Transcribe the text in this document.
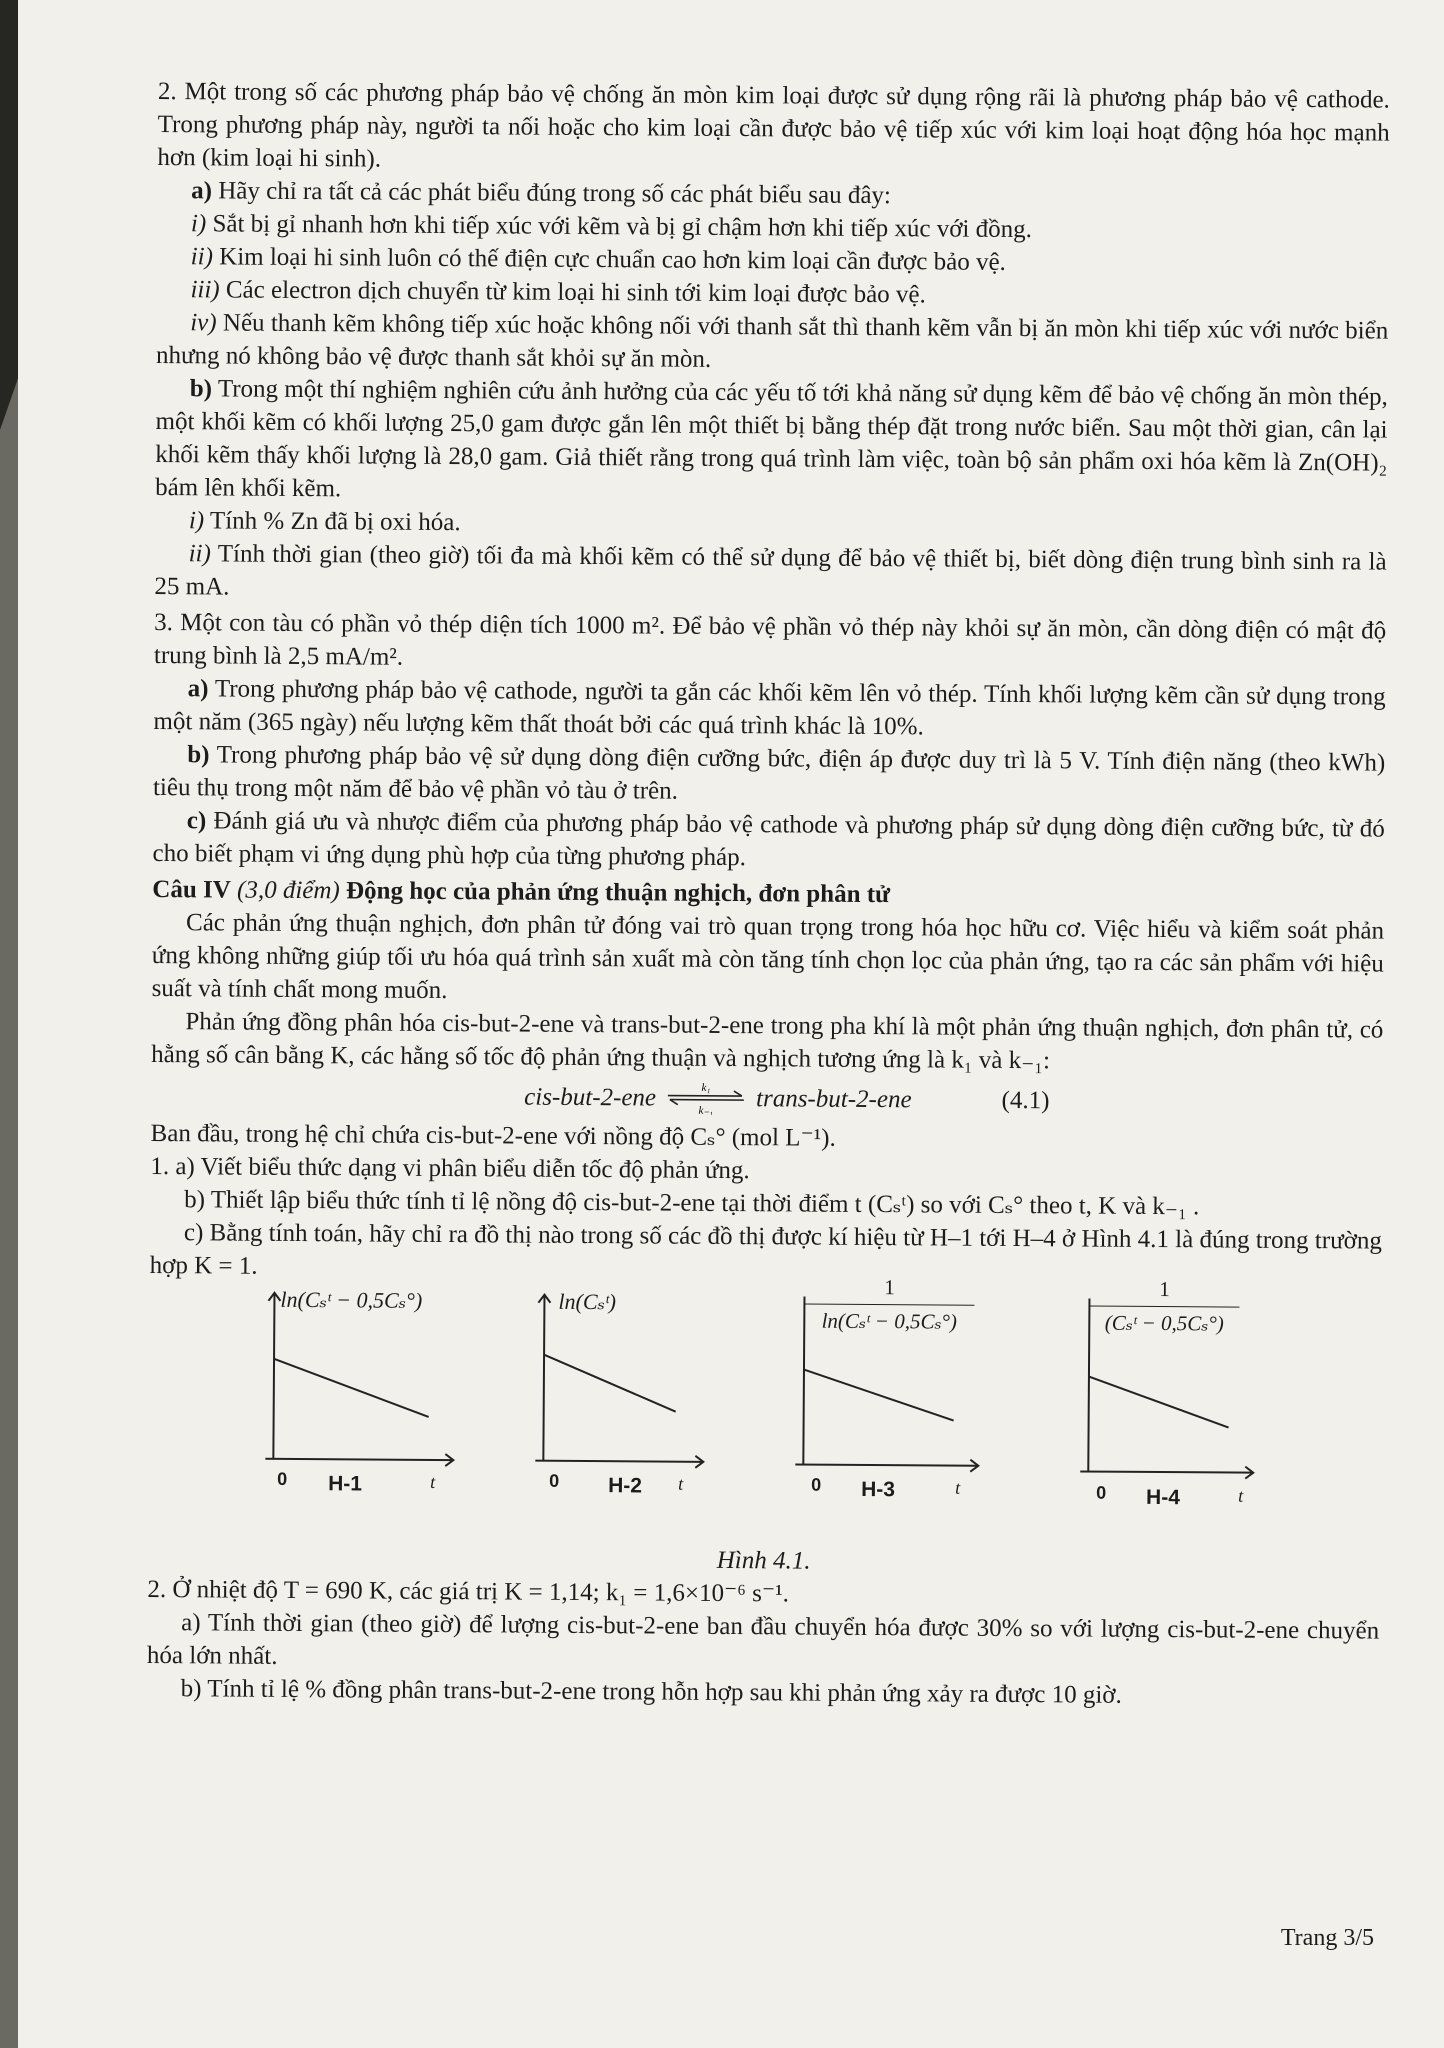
2. Một trong số các phương pháp bảo vệ chống ăn mòn kim loại được sử dụng rộng rãi là phương pháp bảo vệ cathode. Trong phương pháp này, người ta nối hoặc cho kim loại cần được bảo vệ tiếp xúc với kim loại hoạt động hóa học mạnh hơn (kim loại hi sinh).

a) Hãy chỉ ra tất cả các phát biểu đúng trong số các phát biểu sau đây:

i) Sắt bị gỉ nhanh hơn khi tiếp xúc với kẽm và bị gỉ chậm hơn khi tiếp xúc với đồng.

ii) Kim loại hi sinh luôn có thế điện cực chuẩn cao hơn kim loại cần được bảo vệ.

iii) Các electron dịch chuyển từ kim loại hi sinh tới kim loại được bảo vệ.

iv) Nếu thanh kẽm không tiếp xúc hoặc không nối với thanh sắt thì thanh kẽm vẫn bị ăn mòn khi tiếp xúc với nước biển nhưng nó không bảo vệ được thanh sắt khỏi sự ăn mòn.

b) Trong một thí nghiệm nghiên cứu ảnh hưởng của các yếu tố tới khả năng sử dụng kẽm để bảo vệ chống ăn mòn thép, một khối kẽm có khối lượng 25,0 gam được gắn lên một thiết bị bằng thép đặt trong nước biển. Sau một thời gian, cân lại khối kẽm thấy khối lượng là 28,0 gam. Giả thiết rằng trong quá trình làm việc, toàn bộ sản phẩm oxi hóa kẽm là Zn(OH)₂ bám lên khối kẽm.

i) Tính % Zn đã bị oxi hóa.

ii) Tính thời gian (theo giờ) tối đa mà khối kẽm có thể sử dụng để bảo vệ thiết bị, biết dòng điện trung bình sinh ra là 25 mA.

3. Một con tàu có phần vỏ thép diện tích 1000 m². Để bảo vệ phần vỏ thép này khỏi sự ăn mòn, cần dòng điện có mật độ trung bình là 2,5 mA/m².

a) Trong phương pháp bảo vệ cathode, người ta gắn các khối kẽm lên vỏ thép. Tính khối lượng kẽm cần sử dụng trong một năm (365 ngày) nếu lượng kẽm thất thoát bởi các quá trình khác là 10%.

b) Trong phương pháp bảo vệ sử dụng dòng điện cưỡng bức, điện áp được duy trì là 5 V. Tính điện năng (theo kWh) tiêu thụ trong một năm để bảo vệ phần vỏ tàu ở trên.

c) Đánh giá ưu và nhược điểm của phương pháp bảo vệ cathode và phương pháp sử dụng dòng điện cưỡng bức, từ đó cho biết phạm vi ứng dụng phù hợp của từng phương pháp.

Câu IV (3,0 điểm) Động học của phản ứng thuận nghịch, đơn phân tử

Các phản ứng thuận nghịch, đơn phân tử đóng vai trò quan trọng trong hóa học hữu cơ. Việc hiểu và kiểm soát phản ứng không những giúp tối ưu hóa quá trình sản xuất mà còn tăng tính chọn lọc của phản ứng, tạo ra các sản phẩm với hiệu suất và tính chất mong muốn.

Phản ứng đồng phân hóa cis-but-2-ene và trans-but-2-ene trong pha khí là một phản ứng thuận nghịch, đơn phân tử, có hằng số cân bằng K, các hằng số tốc độ phản ứng thuận và nghịch tương ứng là k₁ và k₋₁:

cis-but-2-ene	k₁
k₋₁ trans-but-2-ene	(4.1)

Ban đầu, trong hệ chỉ chứa cis-but-2-ene với nồng độ Cₛ° (mol L⁻¹).

1. a) Viết biểu thức dạng vi phân biểu diễn tốc độ phản ứng.

b) Thiết lập biểu thức tính tỉ lệ nồng độ cis-but-2-ene tại thời điểm t (Cₛᵗ) so với Cₛ° theo t, K và k₋₁ .

c) Bằng tính toán, hãy chỉ ra đồ thị nào trong số các đồ thị được kí hiệu từ H–1 tới H–4 ở Hình 4.1 là đúng trong trường hợp K = 1.

ln(Cₛᵗ − 0,5Cₛ°)
0 H-1	t
ln(Cₛᵗ)
0 H-2 t
1
ln(Cₛᵗ − 0,5Cₛ°)
0 H-3	t
1
(Cₛᵗ − 0,5Cₛ°)
0 H-4	t

Hình 4.1.

2. Ở nhiệt độ T = 690 K, các giá trị K = 1,14; k₁ = 1,6×10⁻⁶ s⁻¹.

a) Tính thời gian (theo giờ) để lượng cis-but-2-ene ban đầu chuyển hóa được 30% so với lượng cis-but-2-ene chuyển hóa lớn nhất.

b) Tính tỉ lệ % đồng phân trans-but-2-ene trong hỗn hợp sau khi phản ứng xảy ra được 10 giờ.

Trang 3/5
